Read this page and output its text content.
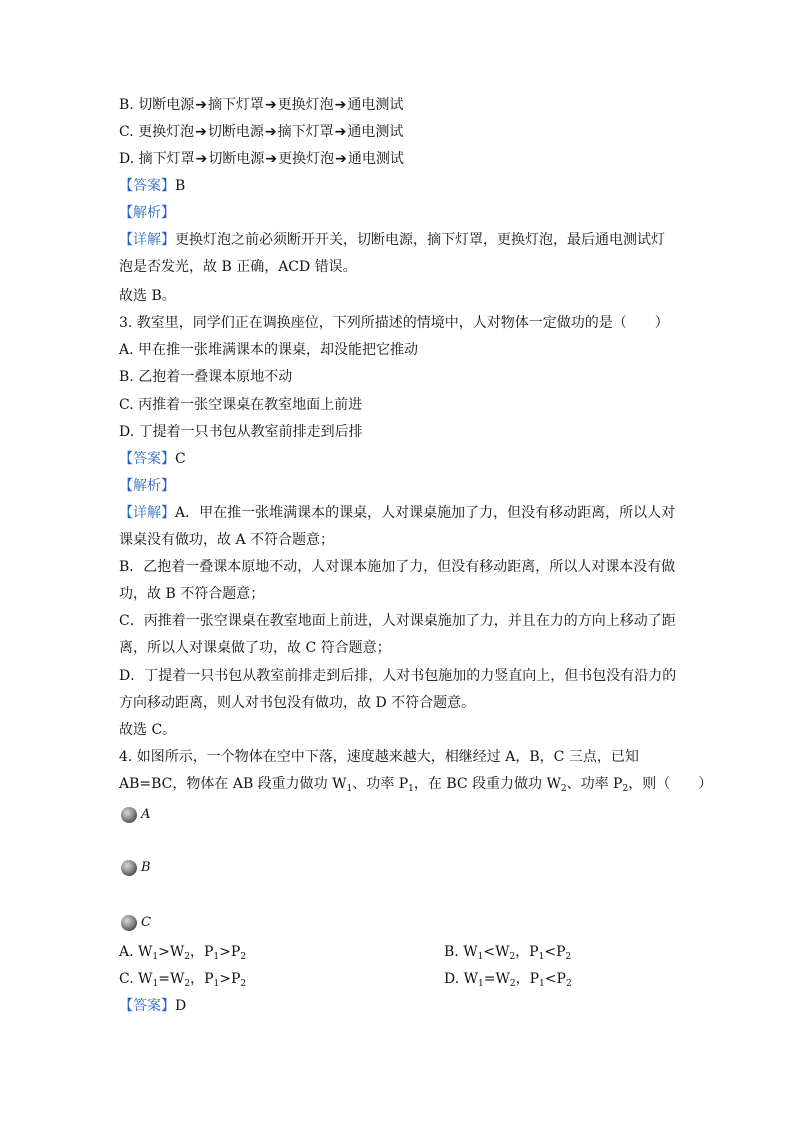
B. 切断电源➔摘下灯罩➔更换灯泡➔通电测试
C. 更换灯泡➔切断电源➔摘下灯罩➔通电测试
D. 摘下灯罩➔切断电源➔更换灯泡➔通电测试
【答案】B
【解析】
【详解】更换灯泡之前必须断开开关，切断电源，摘下灯罩，更换灯泡，最后通电测试灯
泡是否发光，故 B 正确，ACD 错误。
故选 B。
3. 教室里，同学们正在调换座位，下列所描述的情境中，人对物体一定做功的是（　　）
A. 甲在推一张堆满课本的课桌，却没能把它推动
B. 乙抱着一叠课本原地不动
C. 丙推着一张空课桌在教室地面上前进
D. 丁提着一只书包从教室前排走到后排
【答案】C
【解析】
【详解】A．甲在推一张堆满课本的课桌，人对课桌施加了力，但没有移动距离，所以人对
课桌没有做功，故 A 不符合题意；
B．乙抱着一叠课本原地不动，人对课本施加了力，但没有移动距离，所以人对课本没有做
功，故 B 不符合题意；
C．丙推着一张空课桌在教室地面上前进，人对课桌施加了力，并且在力的方向上移动了距
离，所以人对课桌做了功，故 C 符合题意；
D．丁提着一只书包从教室前排走到后排，人对书包施加的力竖直向上，但书包没有沿力的
方向移动距离，则人对书包没有做功，故 D 不符合题意。
故选 C。
4. 如图所示，一个物体在空中下落，速度越来越大，相继经过 A，B，C 三点，已知
AB=BC，物体在 AB 段重力做功 $W_1$、功率 $P_1$，在 BC 段重力做功 $W_2$、功率 $P_2$，则（　　）
A
B
C
A. $W_1>W_2$，$P_1>P_2$	B. $W_1<W_2$，$P_1<P_2$
C. $W_1=W_2$，$P_1>P_2$	D. $W_1=W_2$，$P_1<P_2$
【答案】D
